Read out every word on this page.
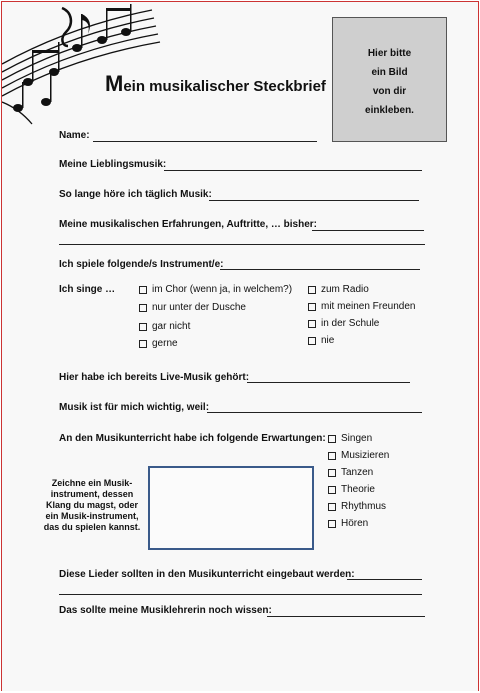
Mein musikalischer Steckbrief
Hier bitte
ein Bild
von dir
einkleben.
Name:
Meine Lieblingsmusik:
So lange höre ich täglich Musik:
Meine musikalischen Erfahrungen, Auftritte, … bisher:
Ich spiele folgende/s Instrument/e:
Ich singe …	im Chor (wenn ja, in welchem?)
nur unter der Dusche
gar nicht
gerne
zum Radio
mit meinen Freunden
in der Schule
nie
Hier habe ich bereits Live-Musik gehört:
Musik ist für mich wichtig, weil:
An den Musikunterricht habe ich folgende Erwartungen: Singen
Musizieren
Tanzen
Theorie
Rhythmus
Hören
Zeichne ein Musik-instrument, dessen Klang du magst, oder ein Musik-instrument, das du spielen kannst.
Diese Lieder sollten in den Musikunterricht eingebaut werden:
Das sollte meine Musiklehrerin noch wissen:
